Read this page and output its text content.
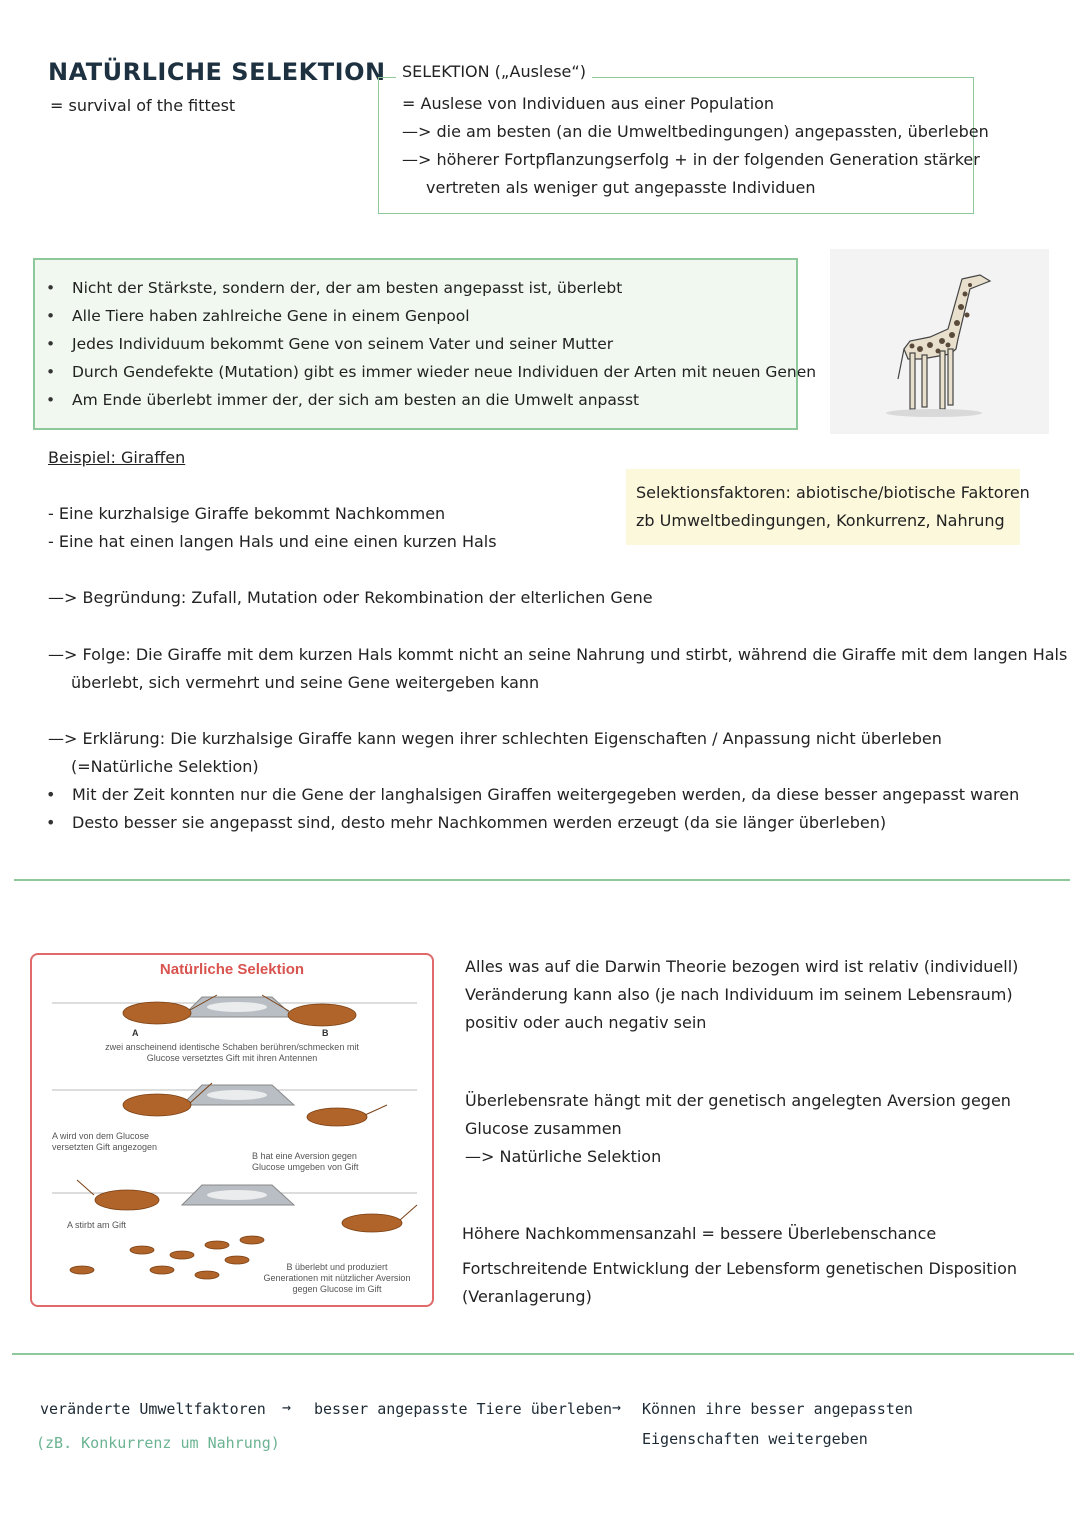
NATÜRLICHE SELEKTION
= survival of the fittest
SELEKTION („Auslese“)
= Auslese von Individuen aus einer Population
—> die am besten (an die Umweltbedingungen) angepassten, überleben
—> höherer Fortpflanzungserfolg + in der folgenden Generation stärker
vertreten als weniger gut angepasste Individuen
• Nicht der Stärkste, sondern der, der am besten angepasst ist, überlebt
• Alle Tiere haben zahlreiche Gene in einem Genpool
• Jedes Individuum bekommt Gene von seinem Vater und seiner Mutter
• Durch Gendefekte (Mutation) gibt es immer wieder neue Individuen der Arten mit neuen Genen
• Am Ende überlebt immer der, der sich am besten an die Umwelt anpasst
Beispiel: Giraffen
- Eine kurzhalsige Giraffe bekommt Nachkommen
- Eine hat einen langen Hals und eine einen kurzen Hals
Selektionsfaktoren: abiotische/biotische Faktoren
zb Umweltbedingungen, Konkurrenz, Nahrung
—> Begründung: Zufall, Mutation oder Rekombination der elterlichen Gene
—> Folge: Die Giraffe mit dem kurzen Hals kommt nicht an seine Nahrung und stirbt, während die Giraffe mit dem langen Hals
überlebt, sich vermehrt und seine Gene weitergeben kann
—> Erklärung: Die kurzhalsige Giraffe kann wegen ihrer schlechten Eigenschaften / Anpassung nicht überleben
(=Natürliche Selektion)
• Mit der Zeit konnten nur die Gene der langhalsigen Giraffen weitergegeben werden, da diese besser angepasst waren
• Desto besser sie angepasst sind, desto mehr Nachkommen werden erzeugt (da sie länger überleben)
Natürliche Selektion
A	B
zwei anscheinend identische Schaben berühren/schmecken mit Glucose versetztes Gift mit ihren Antennen
A wird von dem Glucose versetzten Gift angezogen
B hat eine Aversion gegen Glucose umgeben von Gift
A stirbt am Gift
B überlebt und produziert Generationen mit nützlicher Aversion gegen Glucose im Gift
Alles was auf die Darwin Theorie bezogen wird ist relativ (individuell)
Veränderung kann also (je nach Individuum im seinem Lebensraum)
positiv oder auch negativ sein
Überlebensrate hängt mit der genetisch angelegten Aversion gegen
Glucose zusammen
—> Natürliche Selektion
Höhere Nachkommensanzahl = bessere Überlebenschance
Fortschreitende Entwicklung der Lebensform genetischen Disposition
(Veranlagerung)
veränderte Umweltfaktoren
(zB. Konkurrenz um Nahrung)
→ besser angepasste Tiere überleben → Können ihre besser angepassten
Eigenschaften weitergeben
